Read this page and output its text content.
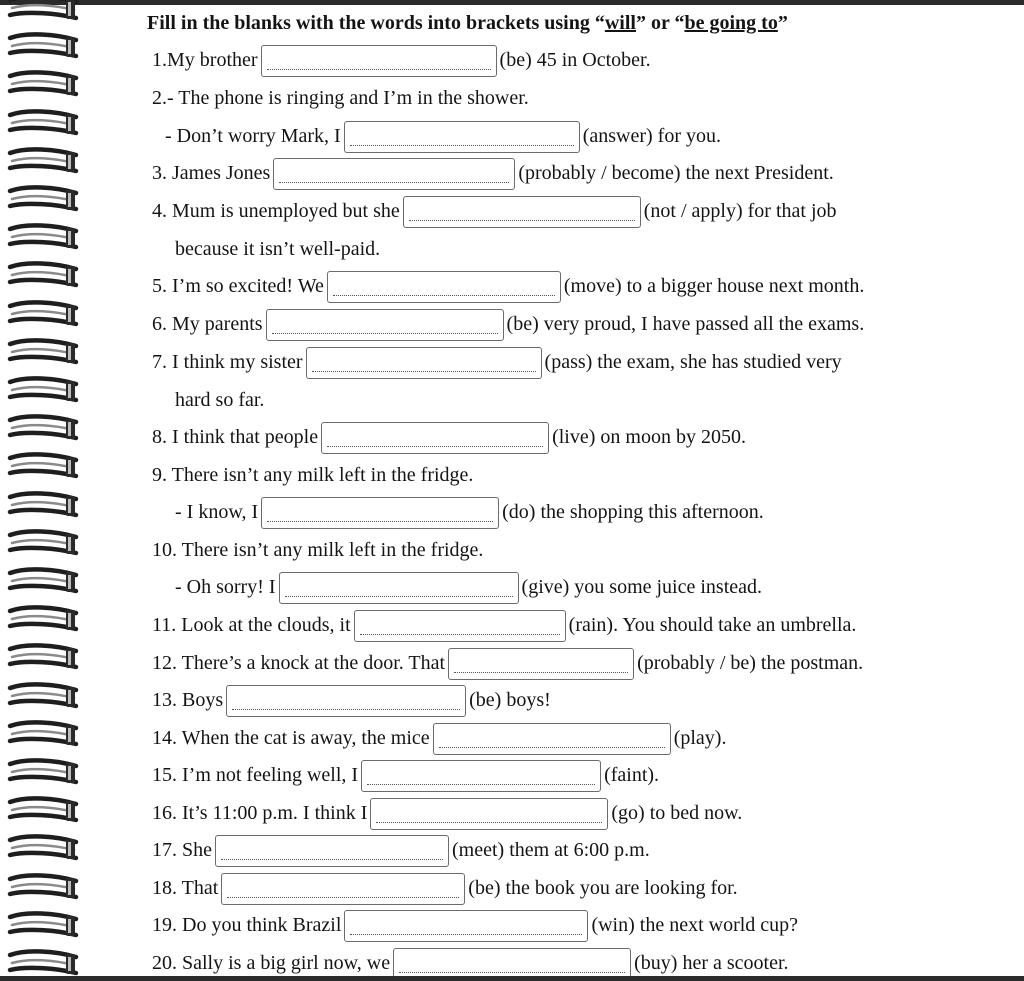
Fill in the blanks with the words into brackets using “will” or “be going to”
1.My brother	(be) 45 in October.
2.- The phone is ringing and I’m in the shower.
- Don’t worry Mark, I	(answer) for you.
3. James Jones	(probably / become) the next President.
4. Mum is unemployed but she	(not / apply) for that job
because it isn’t well-paid.
5. I’m so excited! We	(move) to a bigger house next month.
6. My parents	(be) very proud, I have passed all the exams.
7. I think my sister	(pass) the exam, she has studied very
hard so far.
8. I think that people	(live) on moon by 2050.
9. There isn’t any milk left in the fridge.
- I know, I	(do) the shopping this afternoon.
10. There isn’t any milk left in the fridge.
- Oh sorry! I	(give) you some juice instead.
11. Look at the clouds, it	(rain). You should take an umbrella.
12. There’s a knock at the door. That	(probably / be) the postman.
13. Boys	(be) boys!
14. When the cat is away, the mice	(play).
15. I’m not feeling well, I	(faint).
16. It’s 11:00 p.m. I think I	(go) to bed now.
17. She	(meet) them at 6:00 p.m.
18. That	(be) the book you are looking for.
19. Do you think Brazil	(win) the next world cup?
20. Sally is a big girl now, we	(buy) her a scooter.
